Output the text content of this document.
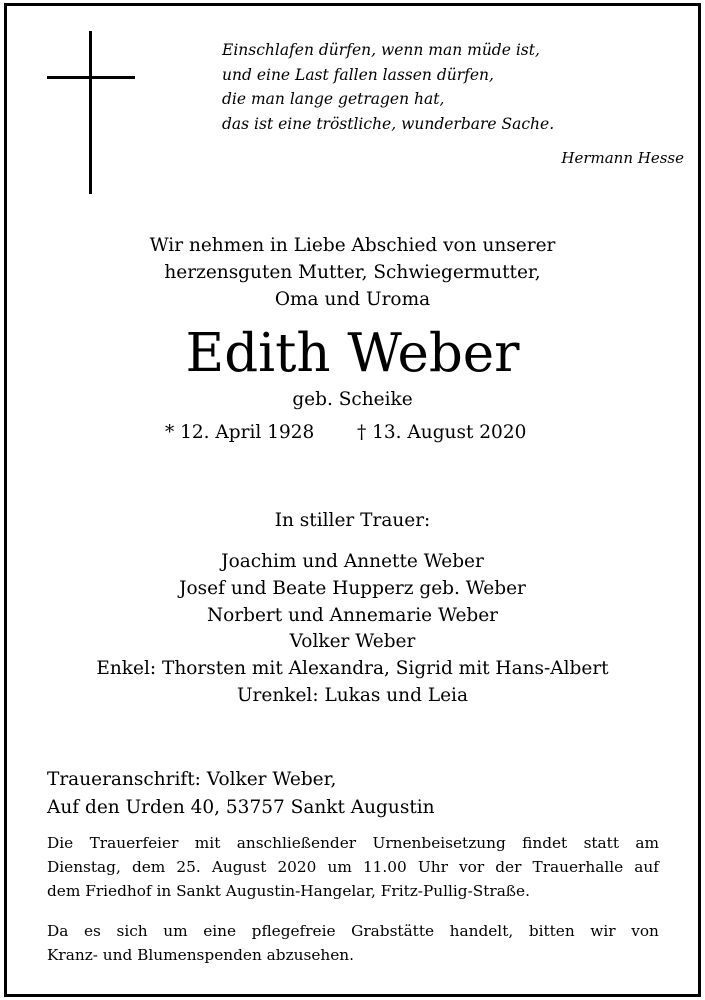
Einschlafen dürfen, wenn man müde ist,
und eine Last fallen lassen dürfen,
die man lange getragen hat,
das ist eine tröstliche, wunderbare Sache.
Hermann Hesse
Wir nehmen in Liebe Abschied von unserer
herzensguten Mutter, Schwiegermutter,
Oma und Uroma
Edith Weber
geb. Scheike
* 12. April 1928 † 13. August 2020
In stiller Trauer:
Joachim und Annette Weber
Josef und Beate Hupperz geb. Weber
Norbert und Annemarie Weber
Volker Weber
Enkel: Thorsten mit Alexandra, Sigrid mit Hans-Albert
Urenkel: Lukas und Leia
Traueranschrift: Volker Weber,
Auf den Urden 40, 53757 Sankt Augustin
Die Trauerfeier mit anschließender Urnenbeisetzung findet statt am
Dienstag, dem 25. August 2020 um 11.00 Uhr vor der Trauerhalle auf
dem Friedhof in Sankt Augustin-Hangelar, Fritz-Pullig-Straße.
Da es sich um eine pflegefreie Grabstätte handelt, bitten wir von
Kranz- und Blumenspenden abzusehen.
